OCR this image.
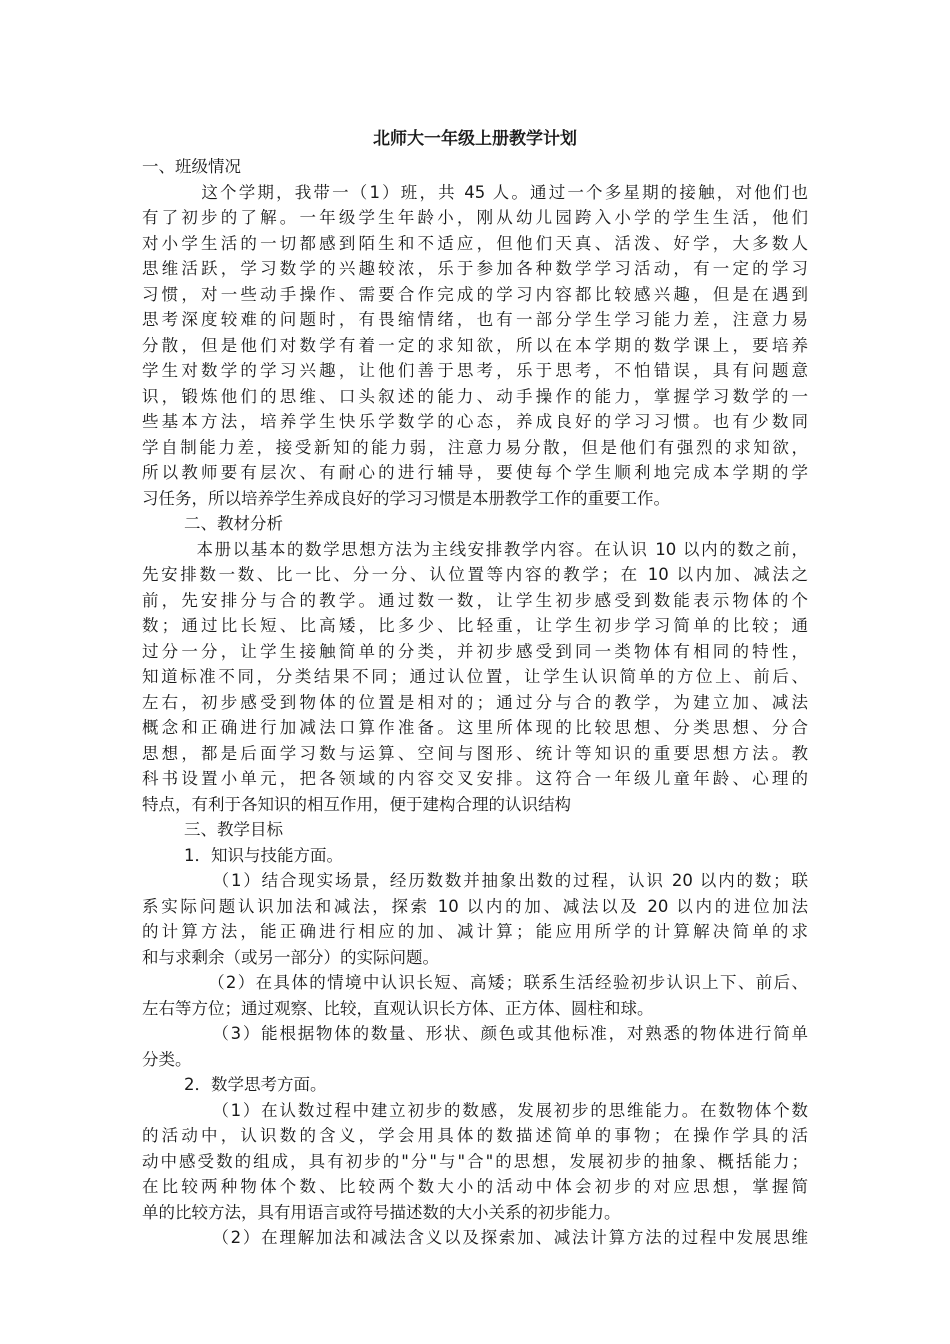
北师大一年级上册教学计划
一、班级情况
这个学期，我带一（1）班，共 45 人。通过一个多星期的接触，对他们也
有了初步的了解。一年级学生年龄小，刚从幼儿园跨入小学的学生生活，他们
对小学生活的一切都感到陌生和不适应，但他们天真、活泼、好学，大多数人
思维活跃，学习数学的兴趣较浓，乐于参加各种数学学习活动，有一定的学习
习惯，对一些动手操作、需要合作完成的学习内容都比较感兴趣，但是在遇到
思考深度较难的问题时，有畏缩情绪，也有一部分学生学习能力差，注意力易
分散，但是他们对数学有着一定的求知欲，所以在本学期的数学课上，要培养
学生对数学的学习兴趣，让他们善于思考，乐于思考，不怕错误，具有问题意
识，锻炼他们的思维、口头叙述的能力、动手操作的能力，掌握学习数学的一
些基本方法，培养学生快乐学数学的心态，养成良好的学习习惯。也有少数同
学自制能力差，接受新知的能力弱，注意力易分散，但是他们有强烈的求知欲，
所以教师要有层次、有耐心的进行辅导，要使每个学生顺利地完成本学期的学
习任务，所以培养学生养成良好的学习习惯是本册教学工作的重要工作。
二、教材分析
本册以基本的数学思想方法为主线安排教学内容。在认识 10 以内的数之前，
先安排数一数、比一比、分一分、认位置等内容的教学；在 10 以内加、减法之
前，先安排分与合的教学。通过数一数，让学生初步感受到数能表示物体的个
数；通过比长短、比高矮，比多少、比轻重，让学生初步学习简单的比较；通
过分一分，让学生接触简单的分类，并初步感受到同一类物体有相同的特性，
知道标准不同，分类结果不同；通过认位置，让学生认识简单的方位上、前后、
左右，初步感受到物体的位置是相对的；通过分与合的教学，为建立加、减法
概念和正确进行加减法口算作准备。这里所体现的比较思想、分类思想、分合
思想，都是后面学习数与运算、空间与图形、统计等知识的重要思想方法。教
科书设置小单元，把各领域的内容交叉安排。这符合一年级儿童年龄、心理的
特点，有利于各知识的相互作用，便于建构合理的认识结构
三、教学目标
1．知识与技能方面。
（1）结合现实场景，经历数数并抽象出数的过程，认识 20 以内的数；联
系实际问题认识加法和减法，探索 10 以内的加、减法以及 20 以内的进位加法
的计算方法，能正确进行相应的加、减计算；能应用所学的计算解决简单的求
和与求剩余（或另一部分）的实际问题。
（2）在具体的情境中认识长短、高矮；联系生活经验初步认识上下、前后、
左右等方位；通过观察、比较，直观认识长方体、正方体、圆柱和球。
（3）能根据物体的数量、形状、颜色或其他标准，对熟悉的物体进行简单
分类。
2．数学思考方面。
（1）在认数过程中建立初步的数感，发展初步的思维能力。在数物体个数
的活动中，认识数的含义，学会用具体的数描述简单的事物；在操作学具的活
动中感受数的组成，具有初步的"分"与"合"的思想，发展初步的抽象、概括能力；
在比较两种物体个数、比较两个数大小的活动中体会初步的对应思想，掌握简
单的比较方法，具有用语言或符号描述数的大小关系的初步能力。
（2）在理解加法和减法含义以及探索加、减法计算方法的过程中发展思维
